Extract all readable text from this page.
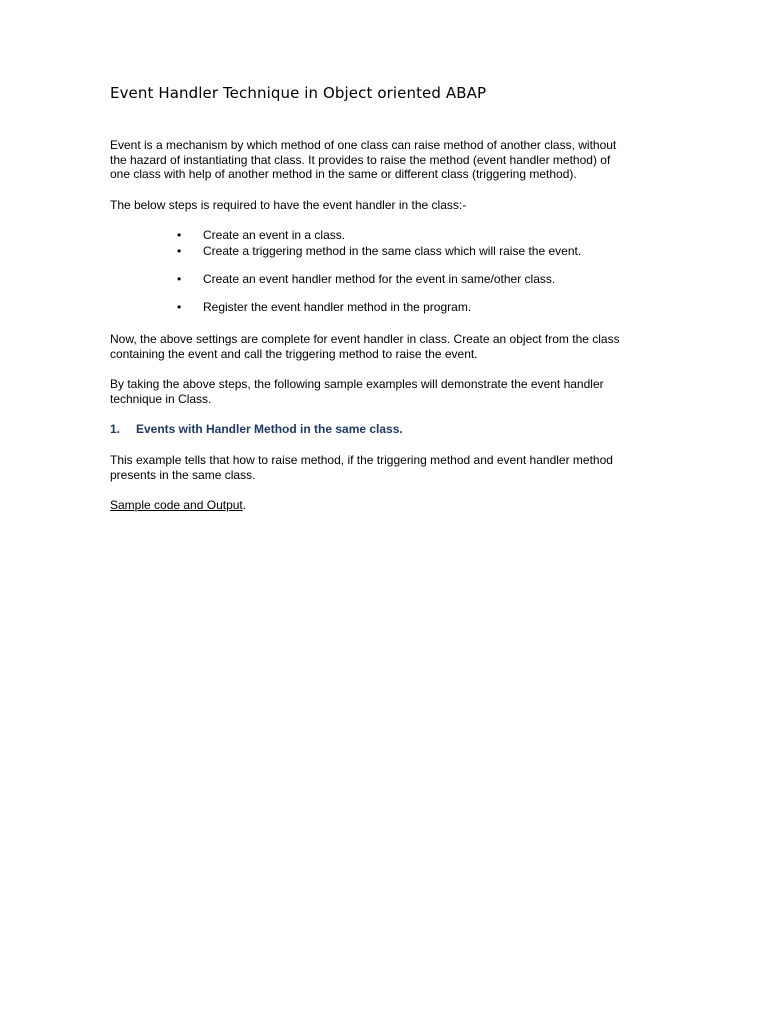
Event Handler Technique in Object oriented ABAP
Event is a mechanism by which method of one class can raise method of another class, without
the hazard of instantiating that class. It provides to raise the method (event handler method) of
one class with help of another method in the same or different class (triggering method).
The below steps is required to have the event handler in the class:-
• Create an event in a class.
• Create a triggering method in the same class which will raise the event.
• Create an event handler method for the event in same/other class.
• Register the event handler method in the program.
Now, the above settings are complete for event handler in class. Create an object from the class
containing the event and call the triggering method to raise the event.
By taking the above steps, the following sample examples will demonstrate the event handler
technique in Class.
1. Events with Handler Method in the same class.
This example tells that how to raise method, if the triggering method and event handler method
presents in the same class.
Sample code and Output.
